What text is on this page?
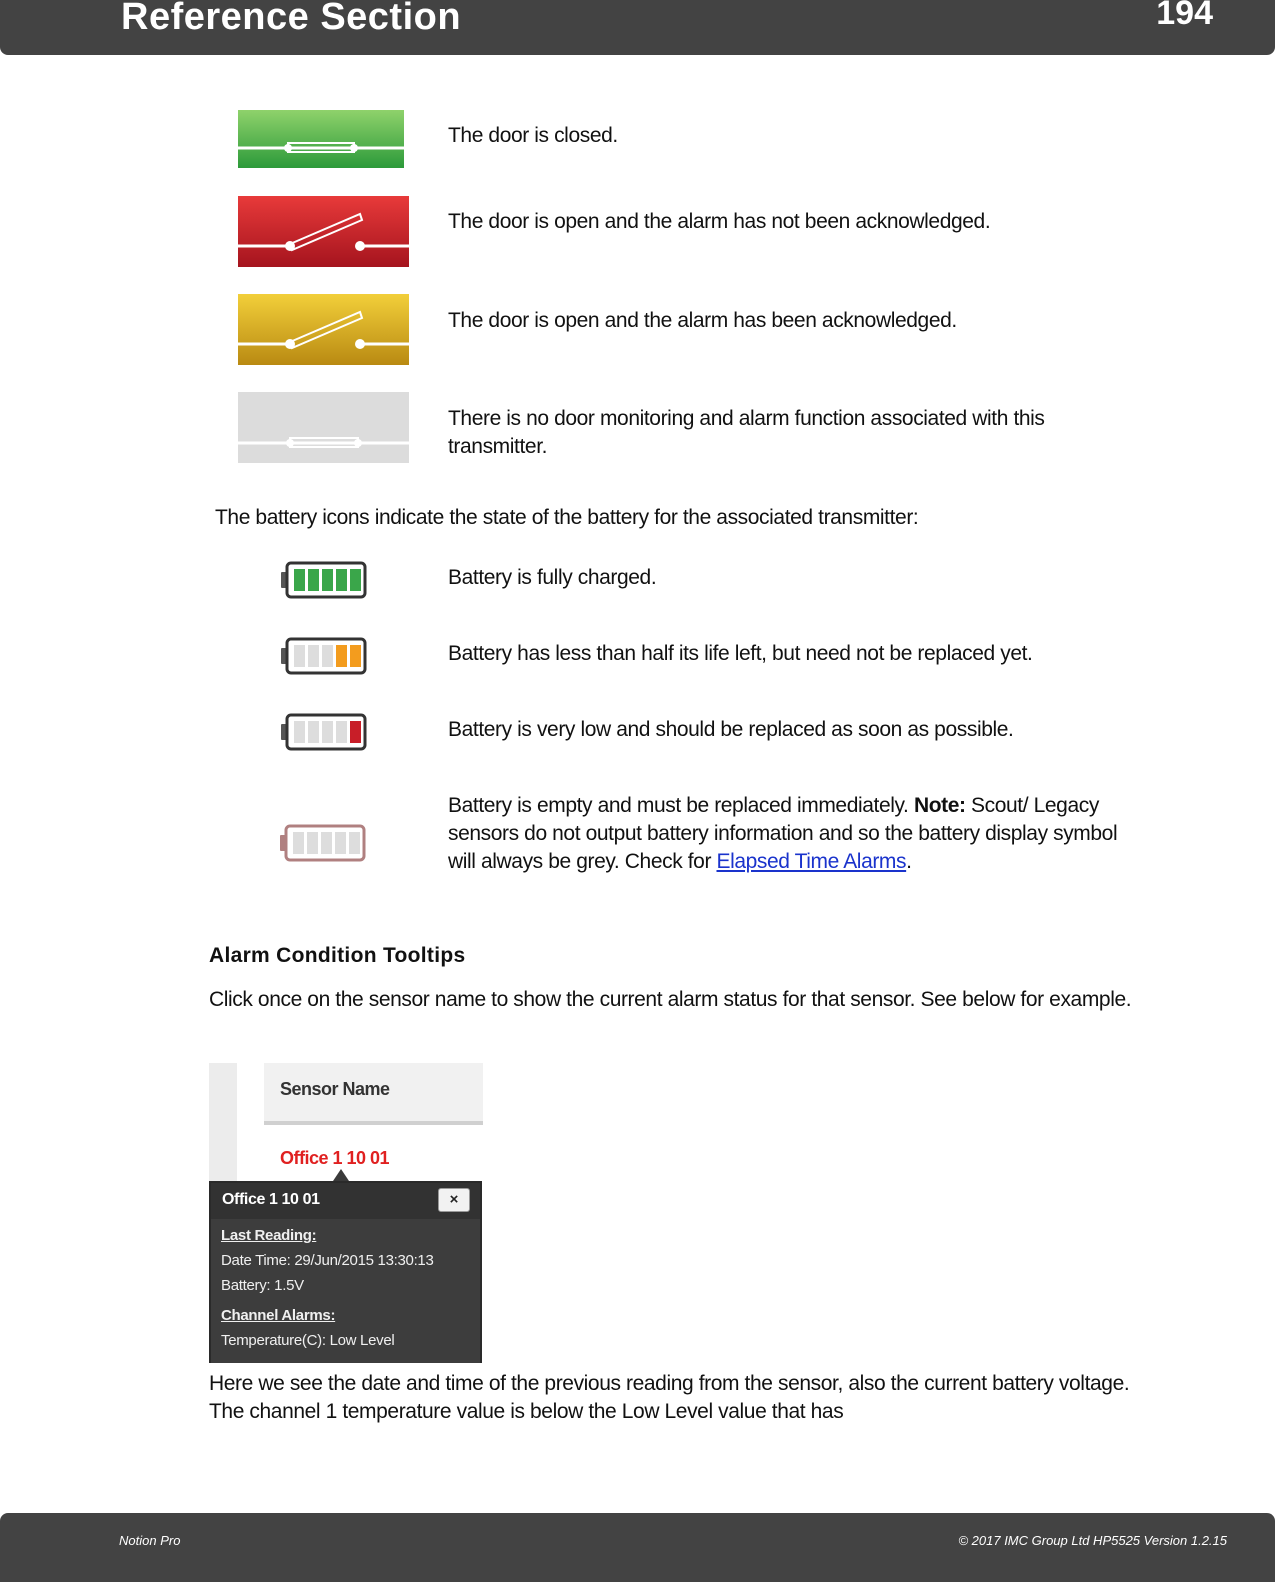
Reference Section	194
The door is closed.
The door is open and the alarm has not been acknowledged.
The door is open and the alarm has been acknowledged.
There is no door monitoring and alarm function associated with this transmitter.
The battery icons indicate the state of the battery for the associated transmitter:
Battery is fully charged.
Battery has less than half its life left, but need not be replaced yet.
Battery is very low and should be replaced as soon as possible.
Battery is empty and must be replaced immediately. Note: Scout/ Legacy sensors do not output battery information and so the battery display symbol will always be grey. Check for Elapsed Time Alarms.
Alarm Condition Tooltips
Click once on the sensor name to show the current alarm status for that sensor. See below for example.
Sensor Name
Office 1 10 01
Office 1 10 01	×
Last Reading:
Date Time: 29/Jun/2015 13:30:13
Battery: 1.5V
Channel Alarms:
Temperature(C): Low Level
Here we see the date and time of the previous reading from the sensor, also the current battery voltage. The channel 1 temperature value is below the Low Level value that has
Notion Pro	© 2017 IMC Group Ltd HP5525 Version 1.2.15
